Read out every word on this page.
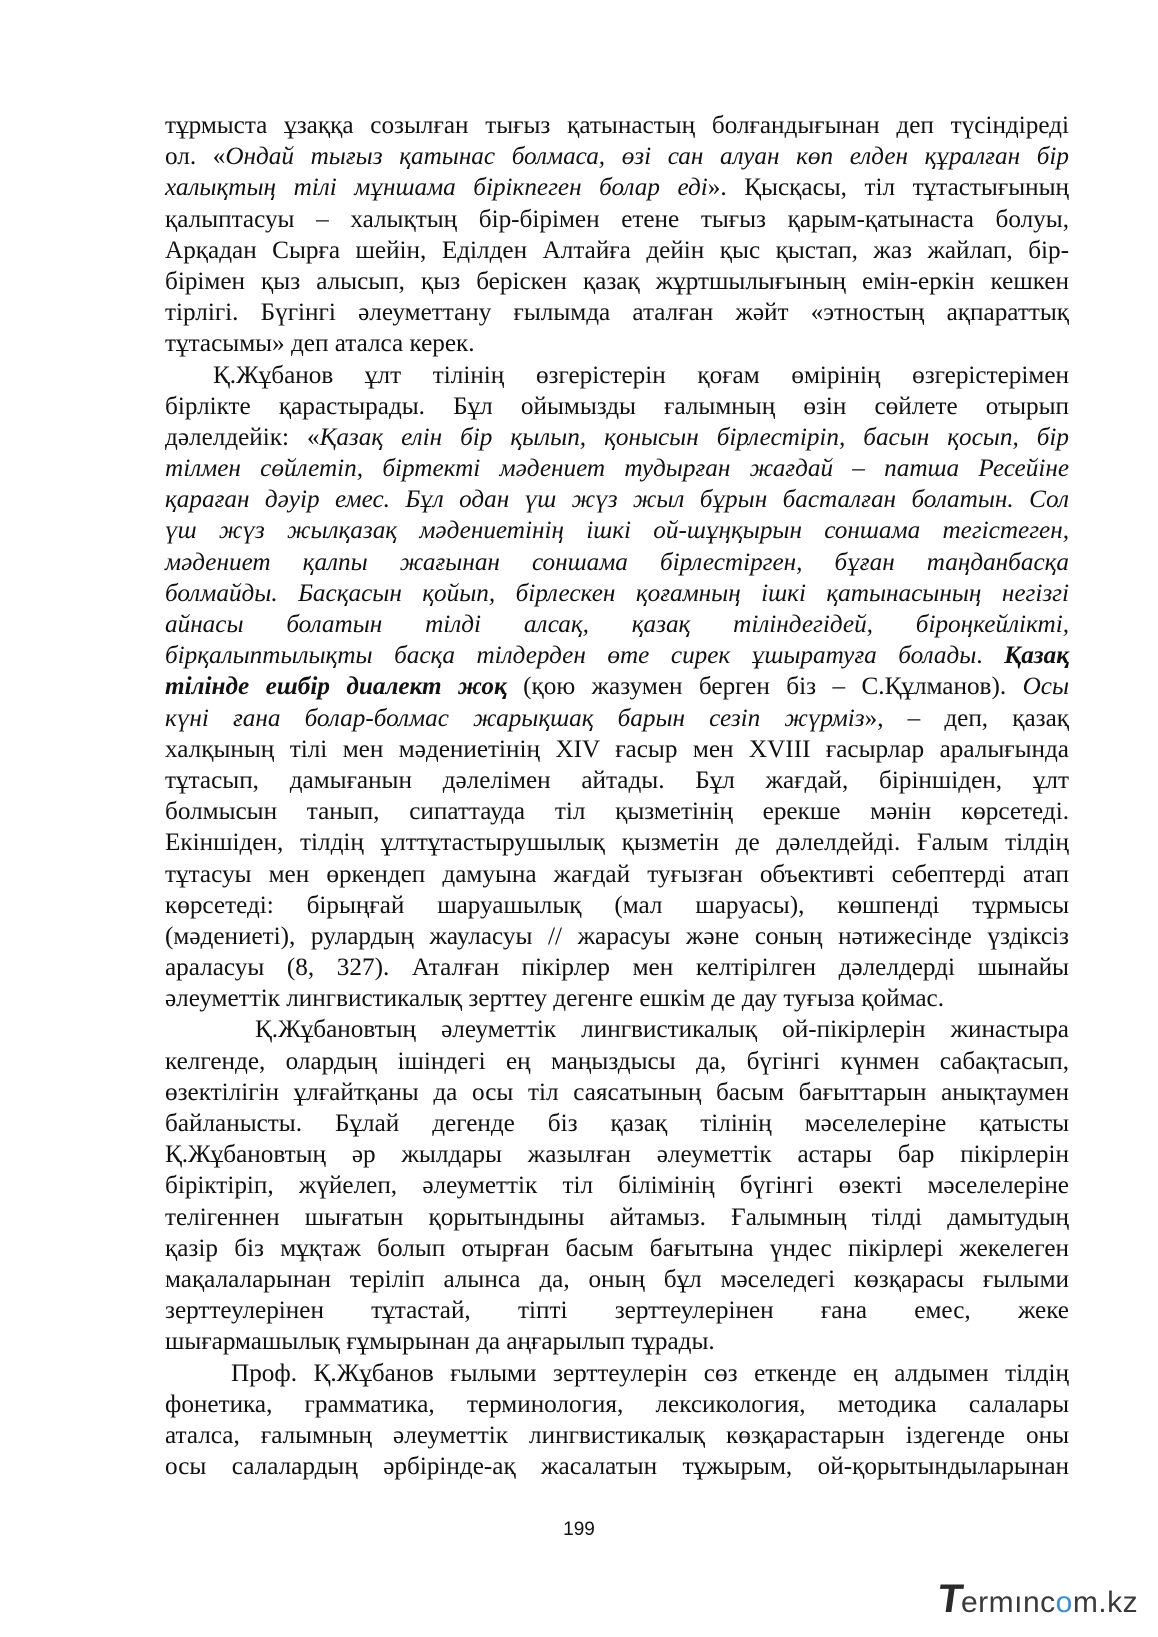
тұрмыста ұзаққа созылған тығыз қатынастың болғандығынан деп түсіндіреді
ол. «Ондай тығыз қатынас болмаса, өзі сан алуан көп елден құралған бір
халықтың тілі мұншама бірікпеген болар еді». Қысқасы, тіл тұтастығының
қалыптасуы – халықтың бір-бірімен етене тығыз қарым-қатынаста болуы,
Арқадан Сырға шейін, Еділден Алтайға дейін қыс қыстап, жаз жайлап, бір-
бірімен қыз алысып, қыз берiскен қазақ жұртшылығының емiн-еркiн кешкен
тiрлiгi. Бүгінгі әлеуметтану ғылымда аталған жәйт «этностың ақпараттық
тұтасымы» деп аталса керек.
Қ.Жұбанов ұлт тілінің өзгерістерін қоғам өмірінің өзгерістерімен
бірлікте қарастырады. Бұл ойымызды ғалымның өзін сөйлете отырып
дәлелдейік: «Қазақ елін бір қылып, қонысын бірлестіріп, басын қосып, бір
тілмен сөйлетіп, біртекті мәдениет тудырған жағдай – патша Ресейіне
қараған дәуір емес. Бұл одан үш жүз жыл бұрын басталған болатын. Сол
үш жүз жылқазақ мәдениетінің ішкі ой-шұңқырын соншама тегістеген,
мәдениет қалпы жағынан соншама бірлестірген, бұған таңданбасқа
болмайды. Басқасын қойып, бірлескен қоғамның ішкі қатынасының негізгі
айнасы болатын тілді алсақ, қазақ тіліндегідей, біроңкейлікті,
бірқалыптылықты басқа тілдерден өте сирек ұшыратуға болады. Қазақ
тілінде ешбір диалект жоқ (қою жазумен берген біз – С.Құлманов). Осы
күні ғана болар-болмас жарықшақ барын сезіп жүрміз», – деп, қазақ
халқының тілі мен мәдениетінің XIV ғасыр мен XVIII ғасырлар аралығында
тұтасып, дамығанын дәлелімен айтады. Бұл жағдай, біріншіден, ұлт
болмысын танып, сипаттауда тіл қызметінің ерекше мәнін көрсетеді.
Екіншіден, тілдің ұлттұтастырушылық қызметін де дәлелдейді. Ғалым тілдің
тұтасуы мен өркендеп дамуына жағдай туғызған объективті себептерді атап
көрсетеді: бірыңғай шаруашылық (мал шаруасы), көшпенді тұрмысы
(мәдениеті), рулардың жауласуы // жарасуы және соның нәтижесінде үздіксіз
араласуы (8, 327). Аталған пікірлер мен келтірілген дәлелдерді шынайы
әлеуметтік лингвистикалық зерттеу дегенге ешкім де дау туғыза қоймас.
Қ.Жұбановтың әлеуметтік лингвистикалық ой-пікірлерін жинастыра
келгенде, олардың ішіндегі ең маңыздысы да, бүгінгі күнмен сабақтасып,
өзектілігін ұлғайтқаны да осы тіл саясатының басым бағыттарын анықтаумен
байланысты. Бұлай дегенде біз қазақ тілінің мәселелеріне қатысты
Қ.Жұбановтың әр жылдары жазылған әлеуметтік астары бар пікірлерін
біріктіріп, жүйелеп, әлеуметтік тіл білімінің бүгінгі өзекті мәселелеріне
телігеннен шығатын қорытындыны айтамыз. Ғалымның тілді дамытудың
қазір біз мұқтаж болып отырған басым бағытына үндес пікірлері жекелеген
мақалаларынан теріліп алынса да, оның бұл мәселедегі көзқарасы ғылыми
зерттеулерінен тұтастай, тіпті зерттеулерінен ғана емес, жеке
шығармашылық ғұмырынан да аңғарылып тұрады.
Проф. Қ.Жұбанов ғылыми зерттеулерін сөз еткенде ең алдымен тілдің
фонетика, грамматика, терминология, лексикология, методика салалары
аталса, ғалымның әлеуметтік лингвистикалық көзқарастарын іздегенде оны
осы салалардың әрбірінде-ақ жасалатын тұжырым, ой-қорытындыларынан
199
Termıncom.kz
